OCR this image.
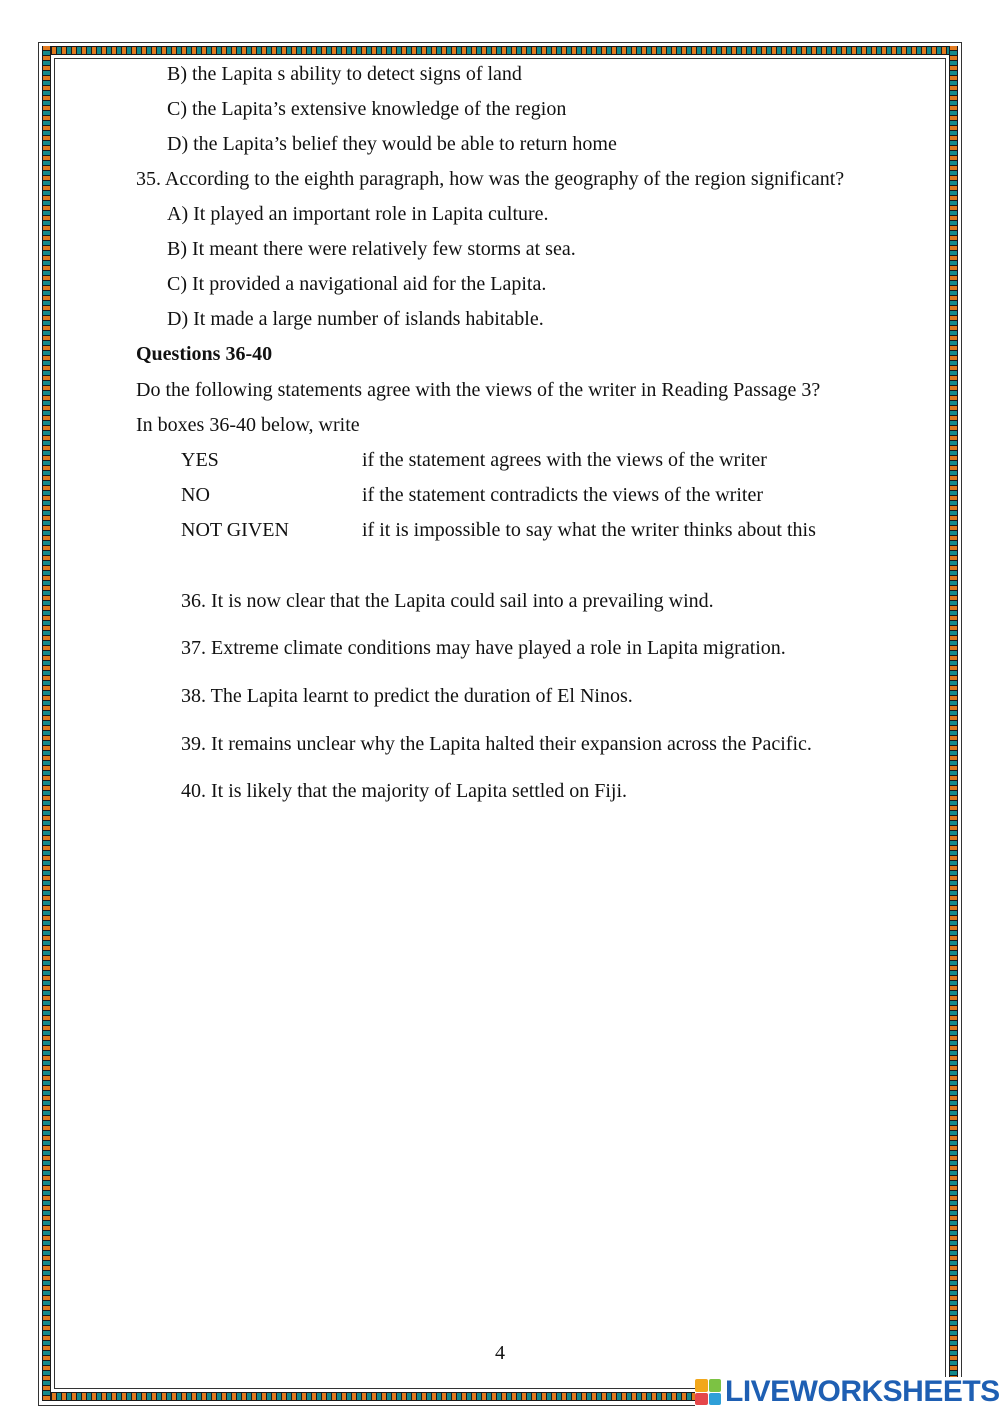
B) the Lapita s ability to detect signs of land
C) the Lapita’s extensive knowledge of the region
D) the Lapita’s belief they would be able to return home
35. According to the eighth paragraph, how was the geography of the region significant?
A) It played an important role in Lapita culture.
B) It meant there were relatively few storms at sea.
C) It provided a navigational aid for the Lapita.
D) It made a large number of islands habitable.
Questions 36-40
Do the following statements agree with the views of the writer in Reading Passage 3?
In boxes 36-40 below, write
YES	if the statement agrees with the views of the writer
NO	if the statement contradicts the views of the writer
NOT GIVEN	if it is impossible to say what the writer thinks about this
36. It is now clear that the Lapita could sail into a prevailing wind.
37. Extreme climate conditions may have played a role in Lapita migration.
38. The Lapita learnt to predict the duration of El Ninos.
39. It remains unclear why the Lapita halted their expansion across the Pacific.
40. It is likely that the majority of Lapita settled on Fiji.
4
LIVEWORKSHEETS
